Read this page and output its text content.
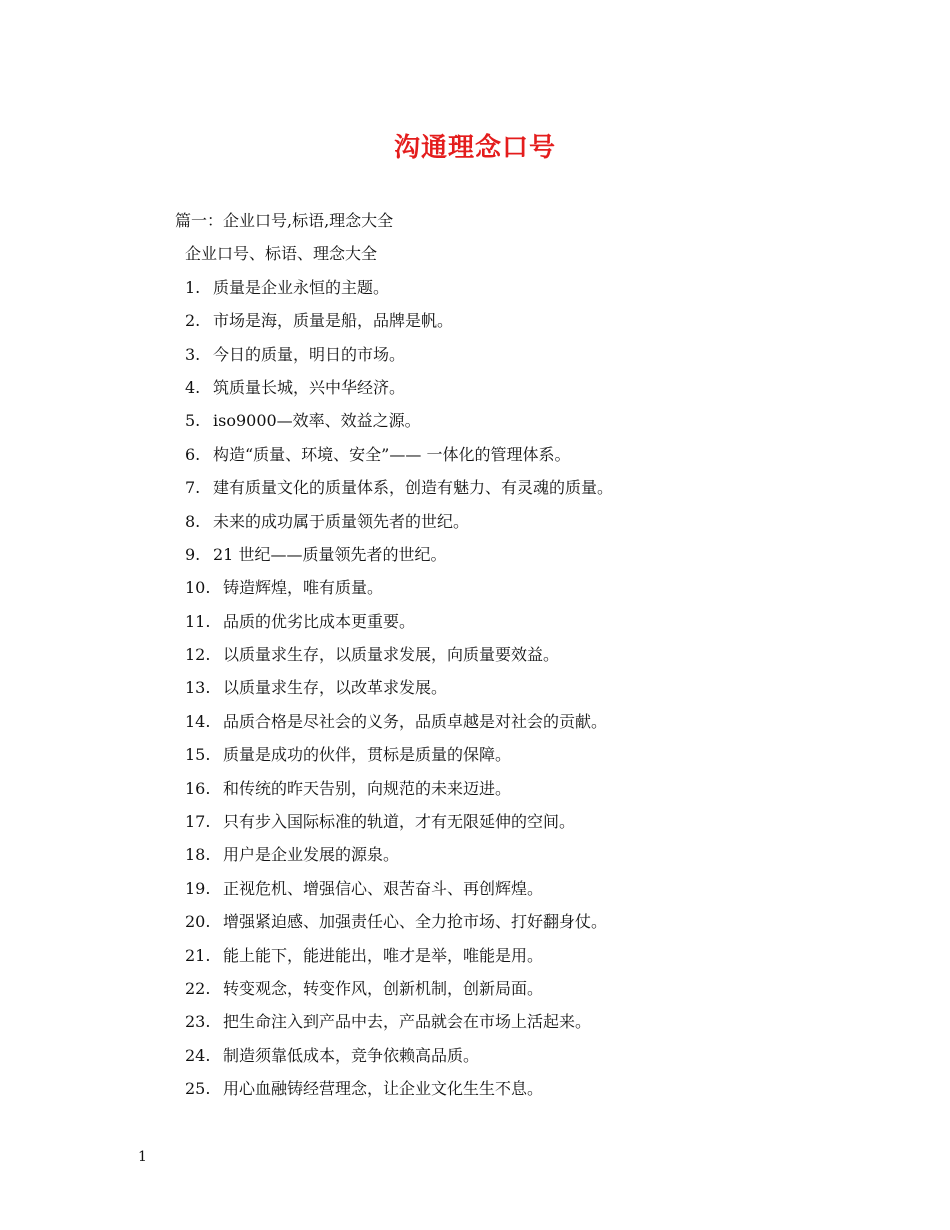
沟通理念口号
篇一：企业口号,标语,理念大全
企业口号、标语、理念大全
1. 质量是企业永恒的主题。
2. 市场是海，质量是船，品牌是帆。
3. 今日的质量，明日的市场。
4. 筑质量长城，兴中华经济。
5. iso9000—效率、效益之源。
6. 构造“质量、环境、安全”—— 一体化的管理体系。
7. 建有质量文化的质量体系，创造有魅力、有灵魂的质量。
8. 未来的成功属于质量领先者的世纪。
9. 21 世纪——质量领先者的世纪。
10. 铸造辉煌，唯有质量。
11. 品质的优劣比成本更重要。
12. 以质量求生存，以质量求发展，向质量要效益。
13. 以质量求生存，以改革求发展。
14. 品质合格是尽社会的义务，品质卓越是对社会的贡献。
15. 质量是成功的伙伴，贯标是质量的保障。
16. 和传统的昨天告别，向规范的未来迈进。
17. 只有步入国际标准的轨道，才有无限延伸的空间。
18. 用户是企业发展的源泉。
19. 正视危机、增强信心、艰苦奋斗、再创辉煌。
20. 增强紧迫感、加强责任心、全力抢市场、打好翻身仗。
21. 能上能下，能进能出，唯才是举，唯能是用。
22. 转变观念，转变作风，创新机制，创新局面。
23. 把生命注入到产品中去，产品就会在市场上活起来。
24. 制造须靠低成本，竞争依赖高品质。
25. 用心血融铸经营理念，让企业文化生生不息。
1
